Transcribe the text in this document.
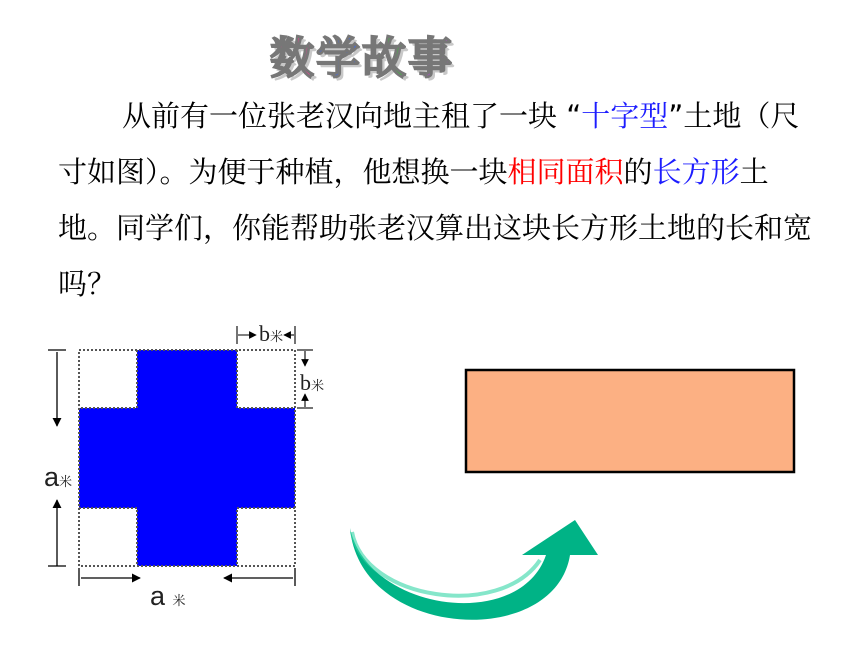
数学故事
从前有一位张老汉向地主租了一块 “十字型”土地（尺寸如图）。为便于种植，他想换一块相同面积的长方形土地。同学们，你能帮助张老汉算出这块长方形土地的长和宽吗？
b米
b米
a米
a 米
